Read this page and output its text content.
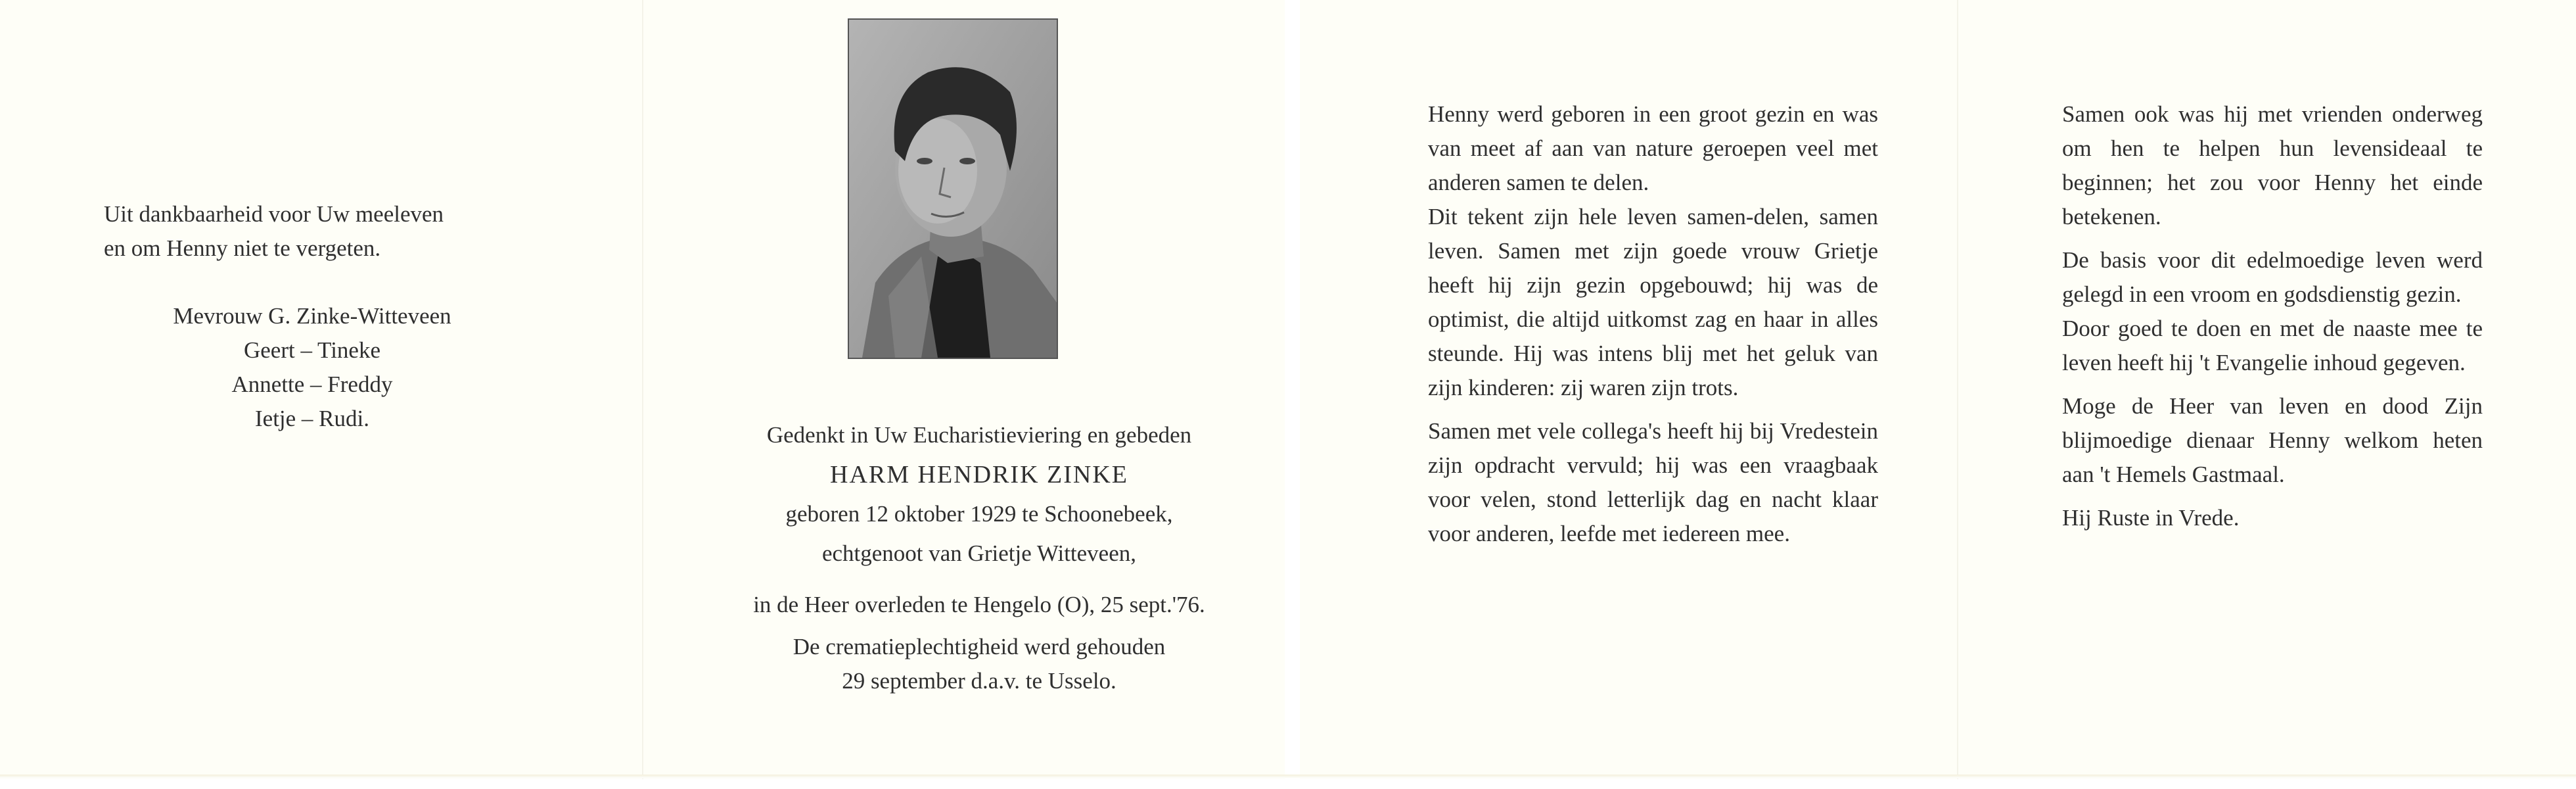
Uit dankbaarheid voor Uw meeleven

en om Henny niet te vergeten.

Mevrouw G. Zinke-Witteveen

Geert – Tineke

Annette – Freddy

Ietje – Rudi.

Gedenkt in Uw Eucharistieviering en gebeden

HARM HENDRIK ZINKE

geboren 12 oktober 1929 te Schoonebeek,

echtgenoot van Grietje Witteveen,

in de Heer overleden te Hengelo (O), 25 sept.'76.

De crematieplechtigheid werd gehouden

29 september d.a.v. te Usselo.

Henny werd geboren in een groot gezin en was van meet af aan van nature geroepen veel met anderen samen te delen.

Dit tekent zijn hele leven samen-delen, samen leven. Samen met zijn goede vrouw Grietje heeft hij zijn gezin opgebouwd; hij was de optimist, die altijd uitkomst zag en haar in alles steunde. Hij was intens blij met het geluk van zijn kinderen: zij waren zijn trots.

Samen met vele collega's heeft hij bij Vredestein zijn opdracht vervuld; hij was een vraagbaak voor velen, stond letterlijk dag en nacht klaar voor anderen, leefde met iedereen mee.

Samen ook was hij met vrienden onderweg om hen te helpen hun levensideaal te beginnen; het zou voor Henny het einde betekenen.

De basis voor dit edelmoedige leven werd gelegd in een vroom en godsdienstig gezin.

Door goed te doen en met de naaste mee te leven heeft hij 't Evangelie inhoud gegeven.

Moge de Heer van leven en dood Zijn blijmoedige dienaar Henny welkom heten aan 't Hemels Gastmaal.

Hij Ruste in Vrede.
